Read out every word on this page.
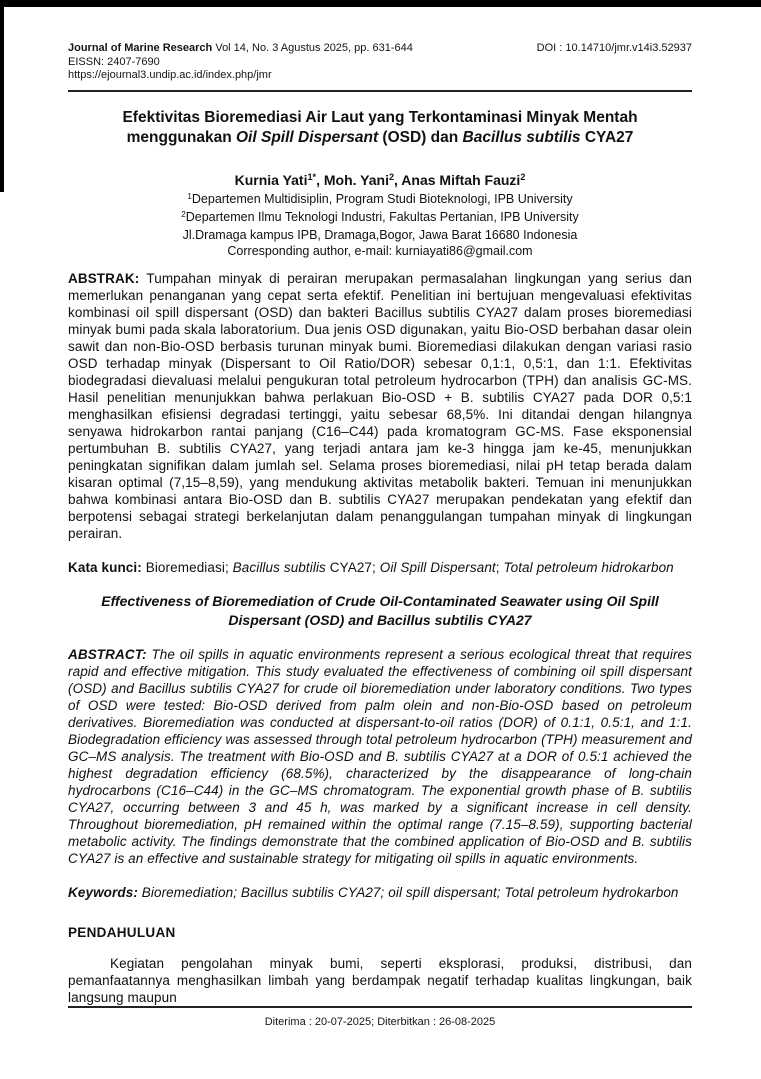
Journal of Marine Research Vol 14, No. 3 Agustus 2025, pp. 631-644	DOI : 10.14710/jmr.v14i3.52937
EISSN: 2407-7690
https://ejournal3.undip.ac.id/index.php/jmr
Efektivitas Bioremediasi Air Laut yang Terkontaminasi Minyak Mentah menggunakan Oil Spill Dispersant (OSD) dan Bacillus subtilis CYA27
Kurnia Yati$^{1*}$, Moh. Yani$^2$, Anas Miftah Fauzi$^2$
$^1$Departemen Multidisiplin, Program Studi Bioteknologi, IPB University
$^2$Departemen Ilmu Teknologi Industri, Fakultas Pertanian, IPB University
Jl.Dramaga kampus IPB, Dramaga,Bogor, Jawa Barat 16680 Indonesia
Corresponding author, e-mail: kurniayati86@gmail.com
ABSTRAK: Tumpahan minyak di perairan merupakan permasalahan lingkungan yang serius dan memerlukan penanganan yang cepat serta efektif. Penelitian ini bertujuan mengevaluasi efektivitas kombinasi oil spill dispersant (OSD) dan bakteri Bacillus subtilis CYA27 dalam proses bioremediasi minyak bumi pada skala laboratorium. Dua jenis OSD digunakan, yaitu Bio-OSD berbahan dasar olein sawit dan non-Bio-OSD berbasis turunan minyak bumi. Bioremediasi dilakukan dengan variasi rasio OSD terhadap minyak (Dispersant to Oil Ratio/DOR) sebesar 0,1:1, 0,5:1, dan 1:1. Efektivitas biodegradasi dievaluasi melalui pengukuran total petroleum hydrocarbon (TPH) dan analisis GC-MS. Hasil penelitian menunjukkan bahwa perlakuan Bio-OSD + B. subtilis CYA27 pada DOR 0,5:1 menghasilkan efisiensi degradasi tertinggi, yaitu sebesar 68,5%. Ini ditandai dengan hilangnya senyawa hidrokarbon rantai panjang (C16–C44) pada kromatogram GC-MS. Fase eksponensial pertumbuhan B. subtilis CYA27, yang terjadi antara jam ke-3 hingga jam ke-45, menunjukkan peningkatan signifikan dalam jumlah sel. Selama proses bioremediasi, nilai pH tetap berada dalam kisaran optimal (7,15–8,59), yang mendukung aktivitas metabolik bakteri. Temuan ini menunjukkan bahwa kombinasi antara Bio-OSD dan B. subtilis CYA27 merupakan pendekatan yang efektif dan berpotensi sebagai strategi berkelanjutan dalam penanggulangan tumpahan minyak di lingkungan perairan.
Kata kunci: Bioremediasi; Bacillus subtilis CYA27; Oil Spill Dispersant; Total petroleum hidrokarbon
Effectiveness of Bioremediation of Crude Oil-Contaminated Seawater using Oil Spill Dispersant (OSD) and Bacillus subtilis CYA27
ABSTRACT: The oil spills in aquatic environments represent a serious ecological threat that requires rapid and effective mitigation. This study evaluated the effectiveness of combining oil spill dispersant (OSD) and Bacillus subtilis CYA27 for crude oil bioremediation under laboratory conditions. Two types of OSD were tested: Bio-OSD derived from palm olein and non-Bio-OSD based on petroleum derivatives. Bioremediation was conducted at dispersant-to-oil ratios (DOR) of 0.1:1, 0.5:1, and 1:1. Biodegradation efficiency was assessed through total petroleum hydrocarbon (TPH) measurement and GC–MS analysis. The treatment with Bio-OSD and B. subtilis CYA27 at a DOR of 0.5:1 achieved the highest degradation efficiency (68.5%), characterized by the disappearance of long-chain hydrocarbons (C16–C44) in the GC–MS chromatogram. The exponential growth phase of B. subtilis CYA27, occurring between 3 and 45 h, was marked by a significant increase in cell density. Throughout bioremediation, pH remained within the optimal range (7.15–8.59), supporting bacterial metabolic activity. The findings demonstrate that the combined application of Bio-OSD and B. subtilis CYA27 is an effective and sustainable strategy for mitigating oil spills in aquatic environments.
Keywords: Bioremediation; Bacillus subtilis CYA27; oil spill dispersant; Total petroleum hydrokarbon
PENDAHULUAN
Kegiatan pengolahan minyak bumi, seperti eksplorasi, produksi, distribusi, dan pemanfaatannya menghasilkan limbah yang berdampak negatif terhadap kualitas lingkungan, baik langsung maupun
Diterima : 20-07-2025; Diterbitkan : 26-08-2025
